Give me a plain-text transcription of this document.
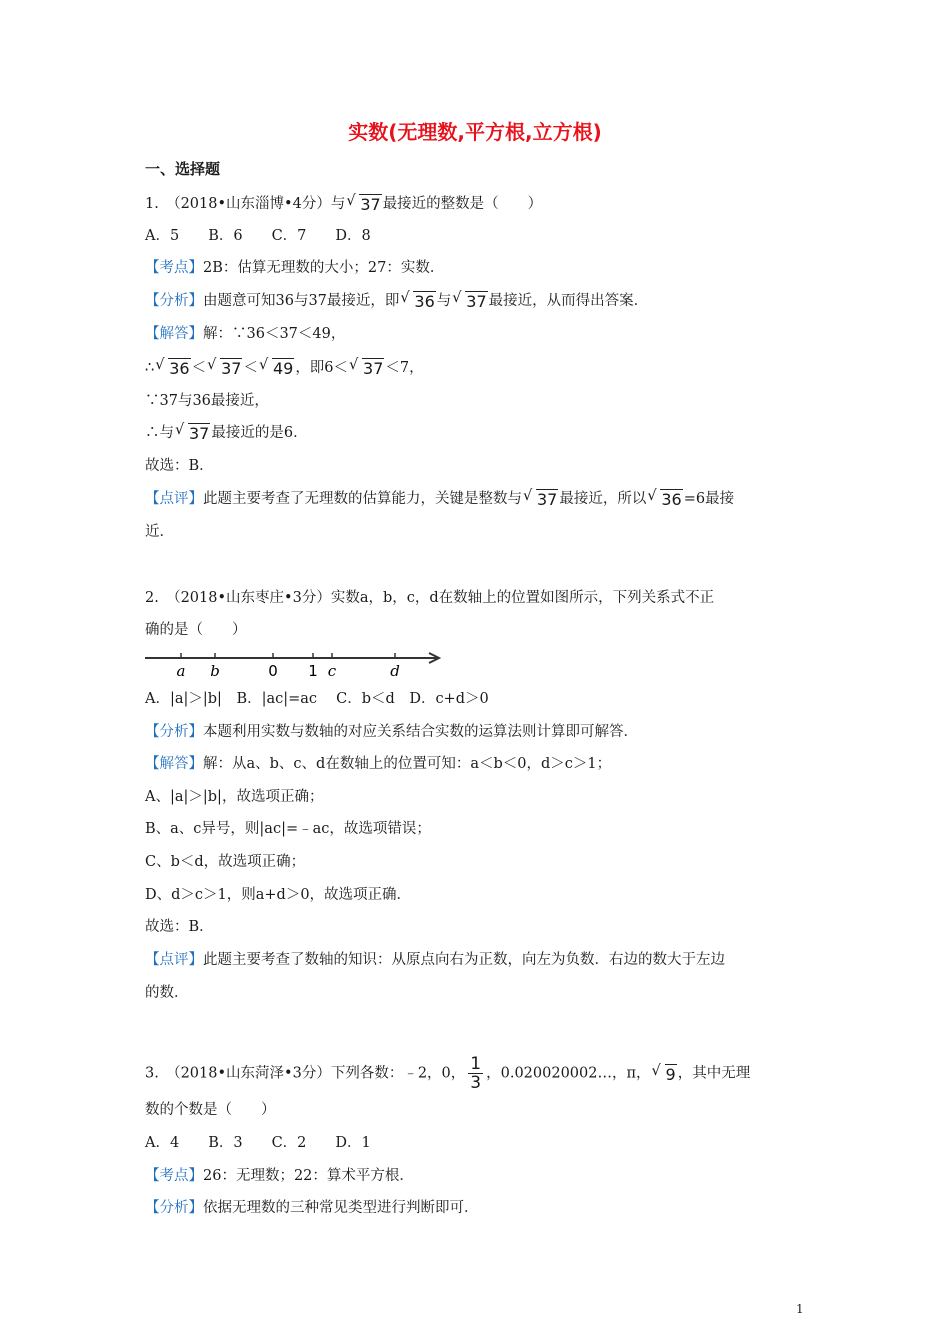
实数(无理数,平方根,立方根)
一、选择题
1.　（2018•山东淄博•4分）与 √ 37 最接近的整数是（　　）
A．5　　B．6　　C．7　　D．8
【考点】2B：估算无理数的大小；27：实数．
【分析】由题意可知36与37最接近，即 √ 36 与 √ 37 最接近，从而得出答案．
【解答】解：∵36＜37＜49，
∴ √ 36 ＜ √ 37 ＜ √ 49 ，即6＜ √ 37 ＜7，
∵37与36最接近，
∴与 √ 37 最接近的是6．
故选：B．
【点评】此题主要考查了无理数的估算能力，关键是整数与 √ 37 最接近，所以 √ 36 =6最接
近．
2.　（2018•山东枣庄•3分）实数a，b，c，d在数轴上的位置如图所示，下列关系式不正
确的是（　　）
a b	0 1 c	d
A．|a|＞|b|　B．|ac|=ac　 C．b＜d　D．c+d＞0
【分析】本题利用实数与数轴的对应关系结合实数的运算法则计算即可解答．
【解答】解：从a、b、c、d在数轴上的位置可知：a＜b＜0，d＞c＞1；
A、|a|＞|b|，故选项正确；
B、a、c异号，则|ac|=﹣ac，故选项错误；
C、b＜d，故选项正确；
D、d＞c＞1，则a+d＞0，故选项正确．
故选：B．
【点评】此题主要考查了数轴的知识：从原点向右为正数，向左为负数．右边的数大于左边
的数．
3.　（2018•山东菏泽•3分）下列各数：﹣2，0， $\frac{1}{3}$ ，0.020020002…，π， √ 9 ，其中无理
数的个数是（　　）
A．4　　B．3　　C．2　　D．1
【考点】26：无理数；22：算术平方根．
【分析】依据无理数的三种常见类型进行判断即可．
1
